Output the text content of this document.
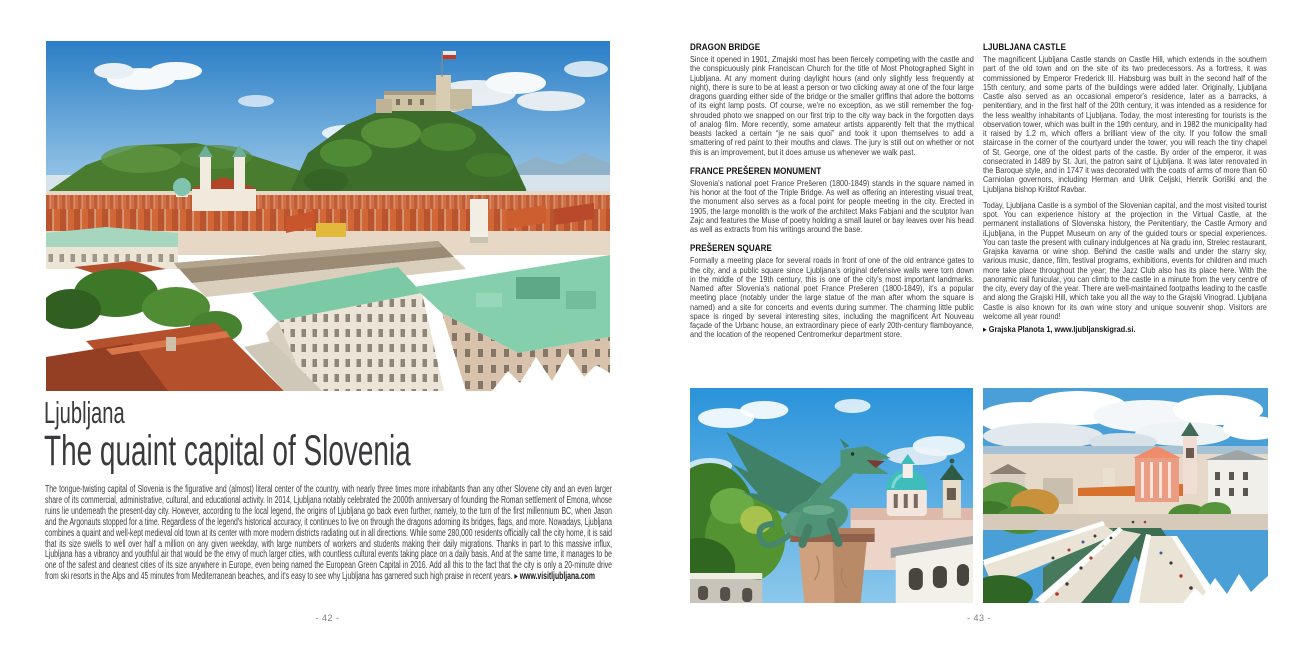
Ljubljana
The quaint capital of Slovenia

The tongue-twisting capital of Slovenia is the figurative and (almost) literal center of the country, with nearly three times more inhabitants than any other Slovene city and an even larger share of its commercial, administrative, cultural, and educational activity. In 2014, Ljubljana notably celebrated the 2000th anniversary of founding the Roman settlement of Emona, whose ruins lie underneath the present-day city. However, according to the local legend, the origins of Ljubljana go back even further, namely, to the turn of the first millennium BC, when Jason and the Argonauts stopped for a time. Regardless of the legend's historical accuracy, it continues to live on through the dragons adorning its bridges, flags, and more. Nowadays, Ljubljana combines a quaint and well-kept medieval old town at its center with more modern districts radiating out in all directions. While some 280,000 residents officially call the city home, it is said that its size swells to well over half a million on any given weekday, with large numbers of workers and students making their daily migrations. Thanks in part to this massive influx, Ljubljana has a vibrancy and youthful air that would be the envy of much larger cities, with countless cultural events taking place on a daily basis. And at the same time, it manages to be one of the safest and cleanest cities of its size anywhere in Europe, even being named the European Green Capital in 2016. Add all this to the fact that the city is only a 20-minute drive from ski resorts in the Alps and 45 minutes from Mediterranean beaches, and it's easy to see why Ljubljana has garnered such high praise in recent years. ▸ www.visitljubljana.com

- 42 -
DRAGON BRIDGE

Since it opened in 1901, Zmajski most has been fiercely competing with the castle and the conspicuously pink Franciscan Church for the title of Most Photographed Sight in Ljubljana. At any moment during daylight hours (and only slightly less frequently at night), there is sure to be at least a person or two clicking away at one of the four large dragons guarding either side of the bridge or the smaller griffins that adore the bottoms of its eight lamp posts. Of course, we're no exception, as we still remember the fog-shrouded photo we snapped on our first trip to the city way back in the forgotten days of analog film. More recently, some amateur artists apparently felt that the mythical beasts lacked a certain “je ne sais quoi” and took it upon themselves to add a smattering of red paint to their mouths and claws. The jury is still out on whether or not this is an improvement, but it does amuse us whenever we walk past.

FRANCE PREŠEREN MONUMENT

Slovenia's national poet France Prešeren (1800-1849) stands in the square named in his honor at the foot of the Triple Bridge. As well as offering an interesting visual treat, the monument also serves as a focal point for people meeting in the city. Erected in 1905, the large monolith is the work of the architect Maks Fabjani and the sculptor Ivan Zajc and features the Muse of poetry holding a small laurel or bay leaves over his head as well as extracts from his writings around the base.

PREŠEREN SQUARE

Formally a meeting place for several roads in front of one of the old entrance gates to the city, and a public square since Ljubljana's original defensive walls were torn down in the middle of the 19th century, this is one of the city's most important landmarks. Named after Slovenia's national poet France Prešeren (1800-1849), it's a popular meeting place (notably under the large statue of the man after whom the square is named) and a site for concerts and events during summer. The charming little public space is ringed by several interesting sites, including the magnificent Art Nouveau façade of the Urbanc house, an extraordinary piece of early 20th-century flamboyance, and the location of the reopened Centromerkur department store.

LJUBLJANA CASTLE

The magnificent Ljubljana Castle stands on Castle Hill, which extends in the southern part of the old town and on the site of its two predecessors. As a fortress, it was commissioned by Emperor Frederick III. Habsburg was built in the second half of the 15th century, and some parts of the buildings were added later. Originally, Ljubljana Castle also served as an occasional emperor's residence, later as a barracks, a penitentiary, and in the first half of the 20th century, it was intended as a residence for the less wealthy inhabitants of Ljubljana. Today, the most interesting for tourists is the observation tower, which was built in the 19th century, and in 1982 the municipality had it raised by 1.2 m, which offers a brilliant view of the city. If you follow the small staircase in the corner of the courtyard under the tower, you will reach the tiny chapel of St. George, one of the oldest parts of the castle. By order of the emperor, it was consecrated in 1489 by St. Juri, the patron saint of Ljubljana. It was later renovated in the Baroque style, and in 1747 it was decorated with the coats of arms of more than 60 Carniolan governors, including Herman and Ulrik Celjski, Henrik Goriški and the Ljubljana bishop Krištof Ravbar.

Today, Ljubljana Castle is a symbol of the Slovenian capital, and the most visited tourist spot. You can experience history at the projection in the Virtual Castle, at the permanent installations of Slovenska history, the Penitentiary, the Castle Armory and iLjubljana, in the Puppet Museum on any of the guided tours or special experiences. You can taste the present with culinary indulgences at Na gradu inn, Strelec restaurant, Grajska kavarna or wine shop. Behind the castle walls and under the starry sky, various music, dance, film, festival programs, exhibitions, events for children and much more take place throughout the year; the Jazz Club also has its place here. With the panoramic rail funicular, you can climb to the castle in a minute from the very centre of the city, every day of the year. There are well-maintained footpaths leading to the castle and along the Grajski Hill, which take you all the way to the Grajski Vinograd. Ljubljana Castle is also known for its own wine story and unique souvenir shop. Visitors are welcome all year round!

▸ Grajska Planota 1, www.ljubljanskigrad.si.
- 43 -
